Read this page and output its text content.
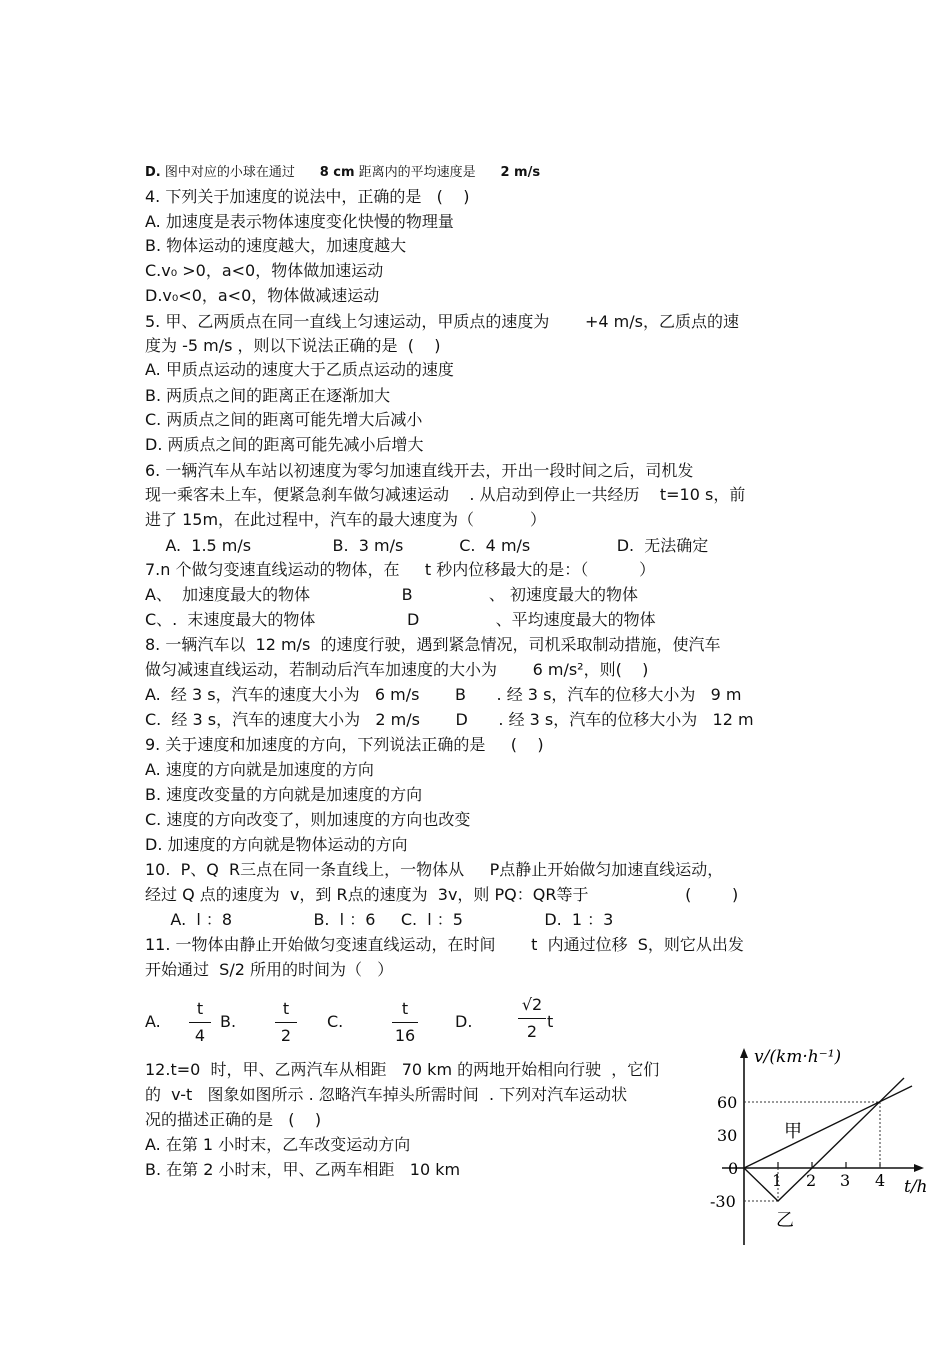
D. 图中对应的小球在通过 8 cm 距离内的平均速度是 2 m/s
4. 下列关于加速度的说法中，正确的是   (    )
A. 加速度是表示物体速度变化快慢的物理量
B. 物体运动的速度越大，加速度越大
C.v₀ >0，a<0，物体做加速运动
D.v₀<0，a<0，物体做减速运动
5. 甲、乙两质点在同一直线上匀速运动，甲质点的速度为       +4 m/s，乙质点的速
度为 -5 m/s ，则以下说法正确的是  (    )
A. 甲质点运动的速度大于乙质点运动的速度
B. 两质点之间的距离正在逐渐加大
C. 两质点之间的距离可能先增大后减小
D. 两质点之间的距离可能先减小后增大
6. 一辆汽车从车站以初速度为零匀加速直线开去，开出一段时间之后，司机发
现一乘客未上车，便紧急刹车做匀减速运动    . 从启动到停止一共经历    t=10 s，前
进了 15m，在此过程中，汽车的最大速度为（           ）
A.  1.5 m/s                B.  3 m/s           C.  4 m/s                 D.  无法确定
7.n 个做匀变速直线运动的物体，在     t 秒内位移最大的是：（          ）
A、  加速度最大的物体                  B               、 初速度最大的物体
C、.  末速度最大的物体                  D               、平均速度最大的物体
8. 一辆汽车以  12 m/s  的速度行驶，遇到紧急情况，司机采取制动措施，使汽车
做匀减速直线运动，若制动后汽车加速度的大小为       6 m/s²，则(    )
A.  经 3 s，汽车的速度大小为   6 m/s       B      . 经 3 s，汽车的位移大小为   9 m
C.  经 3 s，汽车的速度大小为   2 m/s       D      . 经 3 s，汽车的位移大小为   12 m
9. 关于速度和加速度的方向，下列说法正确的是     (    )
A. 速度的方向就是加速度的方向
B. 速度改变量的方向就是加速度的方向
C. 速度的方向改变了，则加速度的方向也改变
D. 加速度的方向就是物体运动的方向
10.  P、Q  R三点在同一条直线上，一物体从     P点静止开始做匀加速直线运动，
经过 Q 点的速度为  v，到 R点的速度为  3v，则 PQ：QR等于                   (        )
A.  l ：8                B.  l ：6     C.  l ：5                D.  1 ：3
11. 一物体由静止开始做匀变速直线运动，在时间       t  内通过位移  S，则它从出发
开始通过  S/2 所用的时间为（   ）
A.
t
4
B.
t
2
C.
t
16
D.
√2
2
t
12.t=0  时，甲、乙两汽车从相距   70 km 的两地开始相向行驶  ，它们
的  v-t   图象如图所示 . 忽略汽车掉头所需时间  . 下列对汽车运动状
况的描述正确的是   (    )
A. 在第 1 小时末，乙车改变运动方向
B. 在第 2 小时末，甲、乙两车相距   10 km
v/(km·h⁻¹)
t/h
60
30
0
-30
1 2 3 4
甲
乙
